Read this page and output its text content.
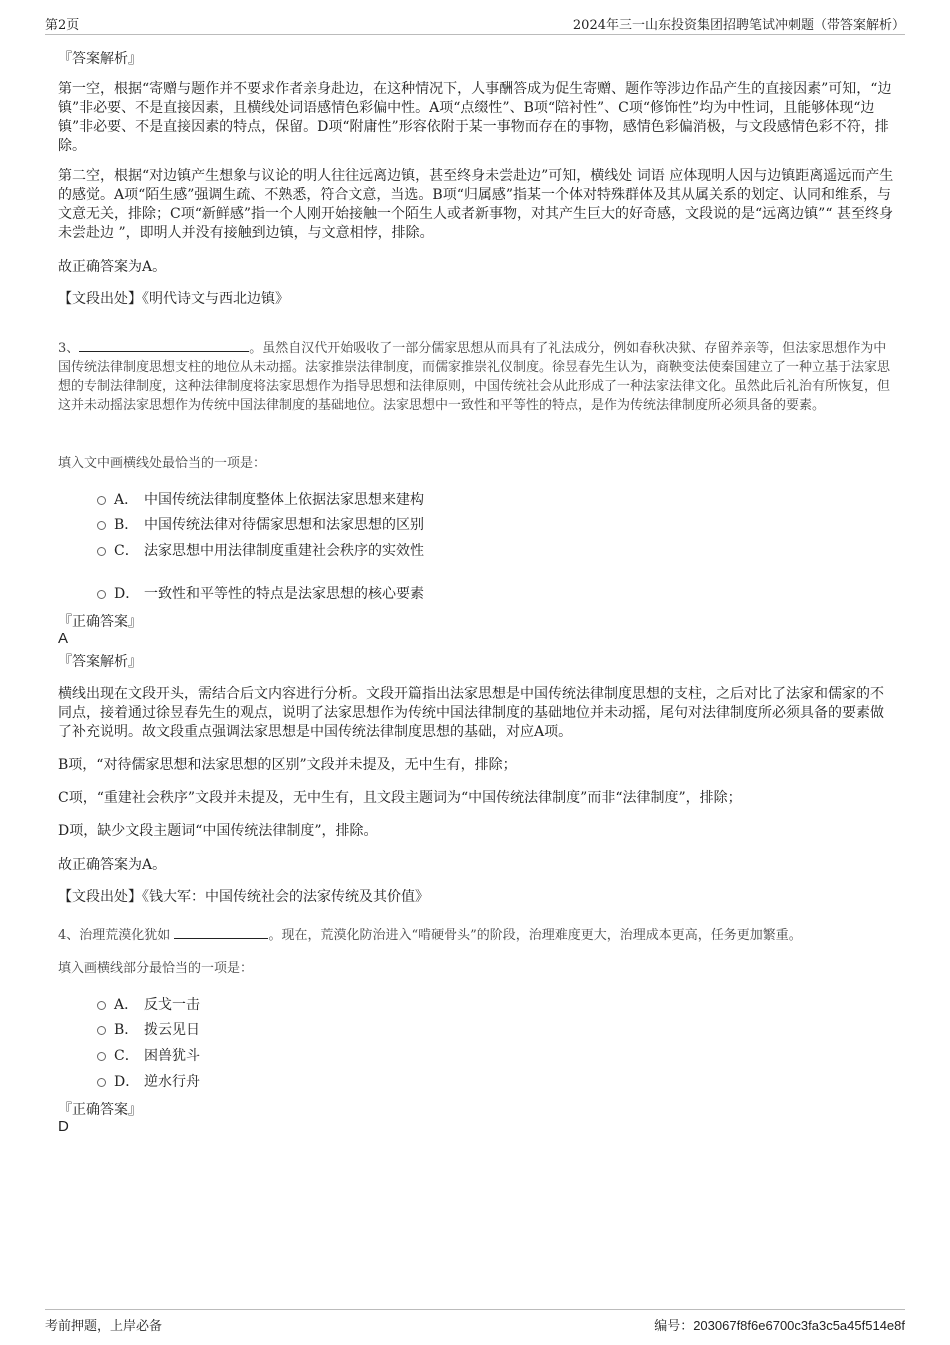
第2页	2024年三一山东投资集团招聘笔试冲刺题（带答案解析）
『答案解析』
第一空，根据“寄赠与题作并不要求作者亲身赴边，在这种情况下，人事酬答成为促生寄赠、题作等涉边作品产生的直接因素”可知，“边镇”非必要、不是直接因素，且横线处词语感情色彩偏中性。A项“点缀性”、B项“陪衬性”、C项“修饰性”均为中性词，且能够体现“边镇”非必要、不是直接因素的特点，保留。D项“附庸性”形容依附于某一事物而存在的事物，感情色彩偏消极，与文段感情色彩不符，排除。
第二空，根据“对边镇产生想象与议论的明人往往远离边镇，甚至终身未尝赴边”可知，横线处 词语 应体现明人因与边镇距离遥远而产生的感觉。A项“陌生感”强调生疏、不熟悉，符合文意，当选。B项“归属感”指某一个体对特殊群体及其从属关系的划定、认同和维系，与文意无关，排除；C项“新鲜感”指一个人刚开始接触一个陌生人或者新事物，对其产生巨大的好奇感，文段说的是“远离边镇”“ 甚至终身未尝赴边 ”，即明人并没有接触到边镇，与文意相悖，排除。
故正确答案为A。
【文段出处】《明代诗文与西北边镇》
3、	。虽然自汉代开始吸收了一部分儒家思想从而具有了礼法成分，例如春秋决狱、存留养亲等，但法家思想作为中国传统法律制度思想支柱的地位从未动摇。法家推崇法律制度，而儒家推崇礼仪制度。徐昱春先生认为，商鞅变法使秦国建立了一种立基于法家思想的专制法律制度，这种法律制度将法家思想作为指导思想和法律原则，中国传统社会从此形成了一种法家法律文化。虽然此后礼治有所恢复，但这并未动摇法家思想作为传统中国法律制度的基础地位。法家思想中一致性和平等性的特点，是作为传统法律制度所必须具备的要素。
填入文中画横线处最恰当的一项是：
A． 中国传统法律制度整体上依据法家思想来建构
B． 中国传统法律对待儒家思想和法家思想的区别
C． 法家思想中用法律制度重建社会秩序的实效性
D． 一致性和平等性的特点是法家思想的核心要素
『正确答案』
A
『答案解析』
横线出现在文段开头，需结合后文内容进行分析。文段开篇指出法家思想是中国传统法律制度思想的支柱，之后对比了法家和儒家的不同点，接着通过徐昱春先生的观点，说明了法家思想作为传统中国法律制度的基础地位并未动摇，尾句对法律制度所必须具备的要素做了补充说明。故文段重点强调法家思想是中国传统法律制度思想的基础，对应A项。
B项，“对待儒家思想和法家思想的区别”文段并未提及，无中生有，排除；
C项，“重建社会秩序”文段并未提及，无中生有，且文段主题词为“中国传统法律制度”而非“法律制度”，排除；
D项，缺少文段主题词“中国传统法律制度”，排除。
故正确答案为A。
【文段出处】《钱大军：中国传统社会的法家传统及其价值》
4、治理荒漠化犹如	。现在，荒漠化防治进入“啃硬骨头”的阶段，治理难度更大，治理成本更高，任务更加繁重。
填入画横线部分最恰当的一项是：
A． 反戈一击
B． 拨云见日
C． 困兽犹斗
D． 逆水行舟
『正确答案』
D
考前押题，上岸必备	编号：203067f8f6e6700c3fa3c5a45f514e8f
